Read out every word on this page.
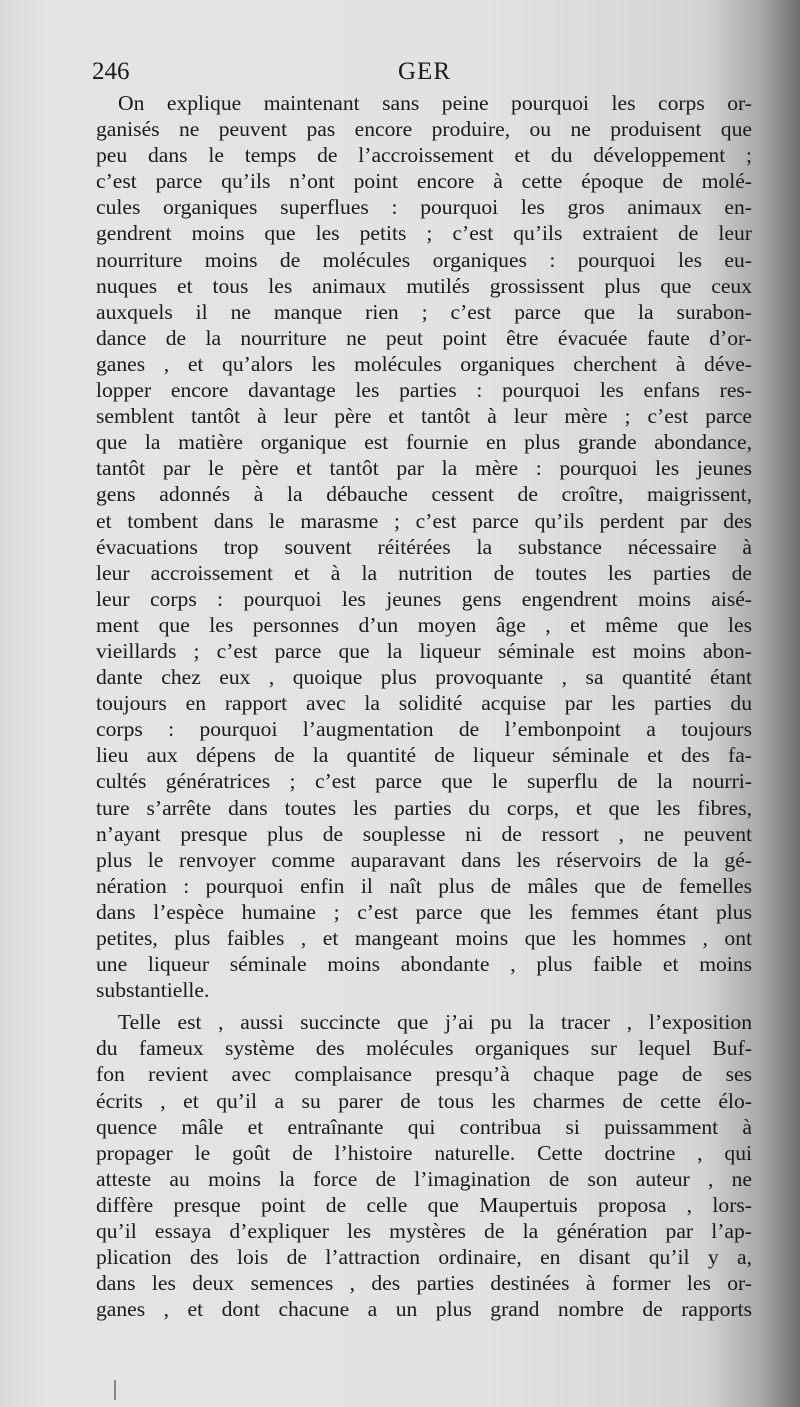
246	GER
On explique maintenant sans peine pourquoi les corps or-
ganisés ne peuvent pas encore produire, ou ne produisent que
peu dans le temps de l’accroissement et du développement ;
c’est parce qu’ils n’ont point encore à cette époque de molé-
cules organiques superflues : pourquoi les gros animaux en-
gendrent moins que les petits ; c’est qu’ils extraient de leur
nourriture moins de molécules organiques : pourquoi les eu-
nuques et tous les animaux mutilés grossissent plus que ceux
auxquels il ne manque rien ; c’est parce que la surabon-
dance de la nourriture ne peut point être évacuée faute d’or-
ganes , et qu’alors les molécules organiques cherchent à déve-
lopper encore davantage les parties : pourquoi les enfans res-
semblent tantôt à leur père et tantôt à leur mère ; c’est parce
que la matière organique est fournie en plus grande abondance,
tantôt par le père et tantôt par la mère : pourquoi les jeunes
gens adonnés à la débauche cessent de croître, maigrissent,
et tombent dans le marasme ; c’est parce qu’ils perdent par des
évacuations trop souvent réitérées la substance nécessaire à
leur accroissement et à la nutrition de toutes les parties de
leur corps : pourquoi les jeunes gens engendrent moins aisé-
ment que les personnes d’un moyen âge , et même que les
vieillards ; c’est parce que la liqueur séminale est moins abon-
dante chez eux , quoique plus provoquante , sa quantité étant
toujours en rapport avec la solidité acquise par les parties du
corps : pourquoi l’augmentation de l’embonpoint a toujours
lieu aux dépens de la quantité de liqueur séminale et des fa-
cultés génératrices ; c’est parce que le superflu de la nourri-
ture s’arrête dans toutes les parties du corps, et que les fibres,
n’ayant presque plus de souplesse ni de ressort , ne peuvent
plus le renvoyer comme auparavant dans les réservoirs de la gé-
nération : pourquoi enfin il naît plus de mâles que de femelles
dans l’espèce humaine ; c’est parce que les femmes étant plus
petites, plus faibles , et mangeant moins que les hommes , ont
une liqueur séminale moins abondante , plus faible et moins
substantielle.
Telle est , aussi succincte que j’ai pu la tracer , l’exposition
du fameux système des molécules organiques sur lequel Buf-
fon revient avec complaisance presqu’à chaque page de ses
écrits , et qu’il a su parer de tous les charmes de cette élo-
quence mâle et entraînante qui contribua si puissamment à
propager le goût de l’histoire naturelle. Cette doctrine , qui
atteste au moins la force de l’imagination de son auteur , ne
diffère presque point de celle que Maupertuis proposa , lors-
qu’il essaya d’expliquer les mystères de la génération par l’ap-
plication des lois de l’attraction ordinaire, en disant qu’il y a,
dans les deux semences , des parties destinées à former les or-
ganes , et dont chacune a un plus grand nombre de rapports
